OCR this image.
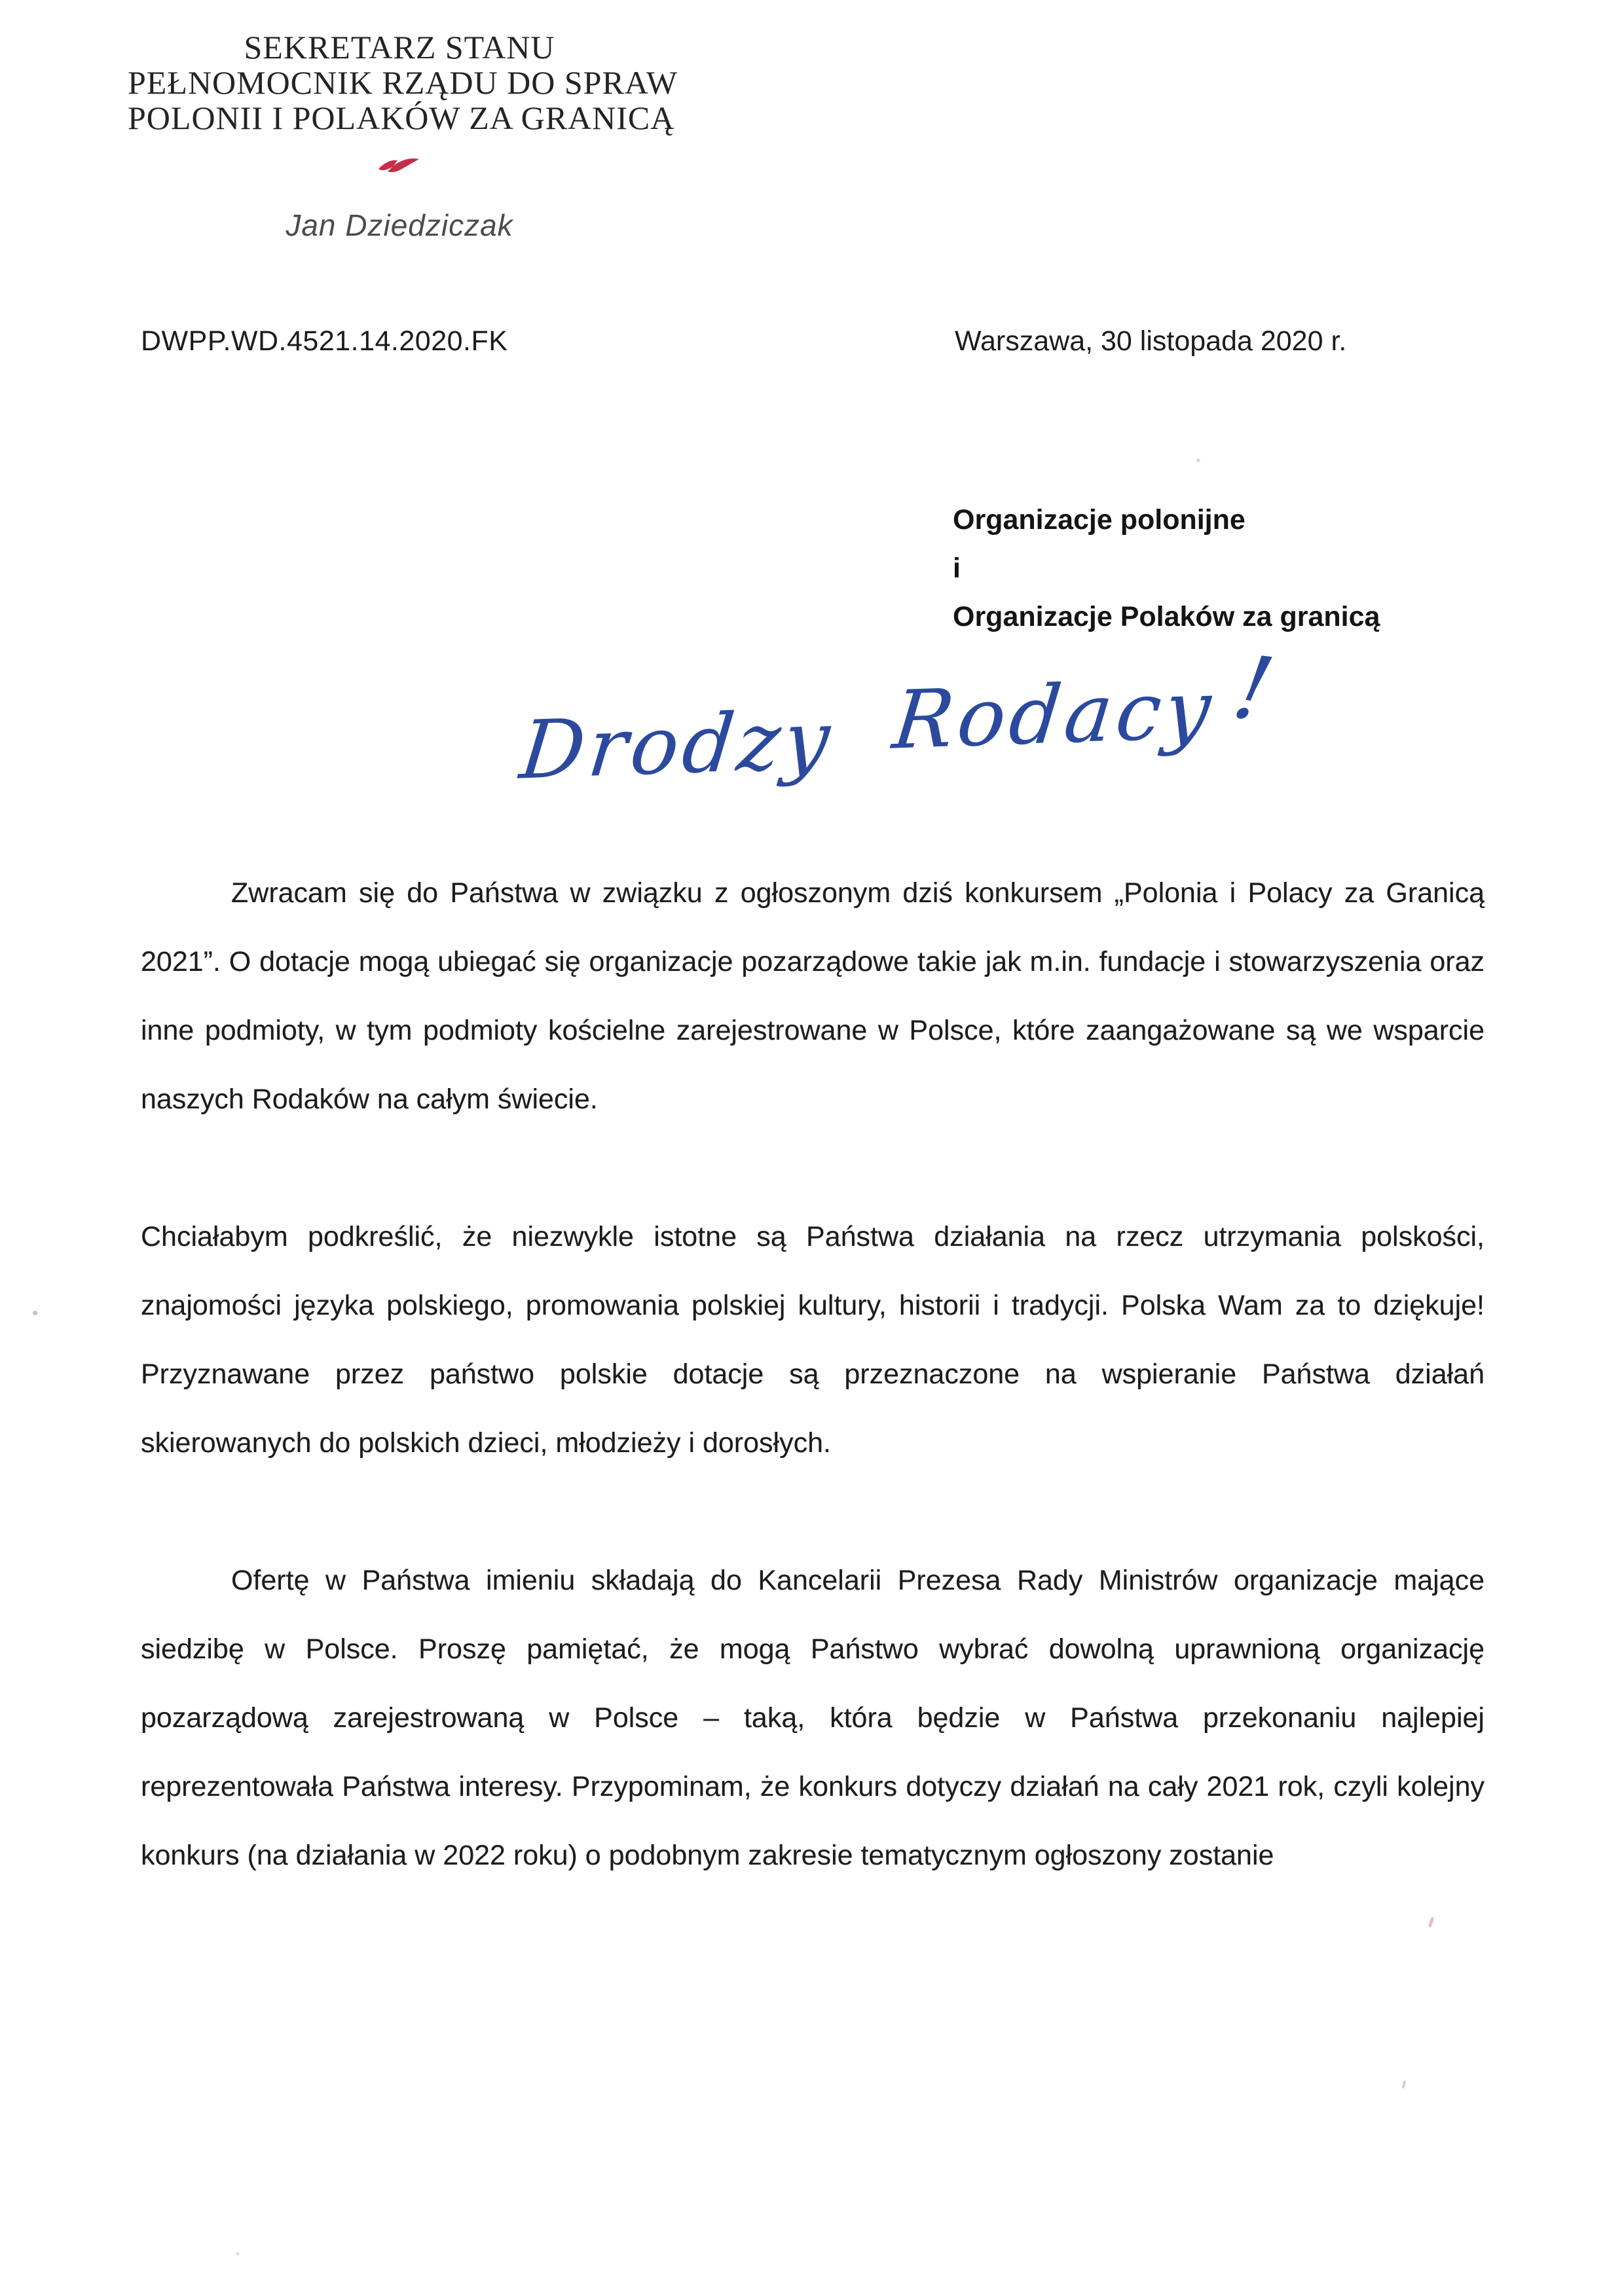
SEKRETARZ STANU
PEŁNOMOCNIK RZĄDU DO SPRAW
POLONII I POLAKÓW ZA GRANICĄ
Jan Dziedziczak
DWPP.WD.4521.14.2020.FK	Warszawa, 30 listopada 2020 r.
Organizacje polonijne
i
Organizacje Polaków za granicą
Drodzy Rodacy !

Zwracam się do Państwa w związku z ogłoszonym dziś konkursem „Polonia i Polacy za Granicą 2021”. O dotacje mogą ubiegać się organizacje pozarządowe takie jak m.in. fundacje i stowarzyszenia oraz inne podmioty, w tym podmioty kościelne zarejestrowane w Polsce, które zaangażowane są we wsparcie naszych Rodaków na całym świecie.

Chciałabym podkreślić, że niezwykle istotne są Państwa działania na rzecz utrzymania polskości, znajomości języka polskiego, promowania polskiej kultury, historii i tradycji. Polska Wam za to dziękuje! Przyznawane przez państwo polskie dotacje są przeznaczone na wspieranie Państwa działań skierowanych do polskich dzieci, młodzieży i dorosłych.

Ofertę w Państwa imieniu składają do Kancelarii Prezesa Rady Ministrów organizacje mające siedzibę w Polsce. Proszę pamiętać, że mogą Państwo wybrać dowolną uprawnioną organizację pozarządową zarejestrowaną w Polsce – taką, która będzie w Państwa przekonaniu najlepiej reprezentowała Państwa interesy. Przypominam, że konkurs dotyczy działań na cały 2021 rok, czyli kolejny konkurs (na działania w 2022 roku) o podobnym zakresie tematycznym ogłoszony zostanie
